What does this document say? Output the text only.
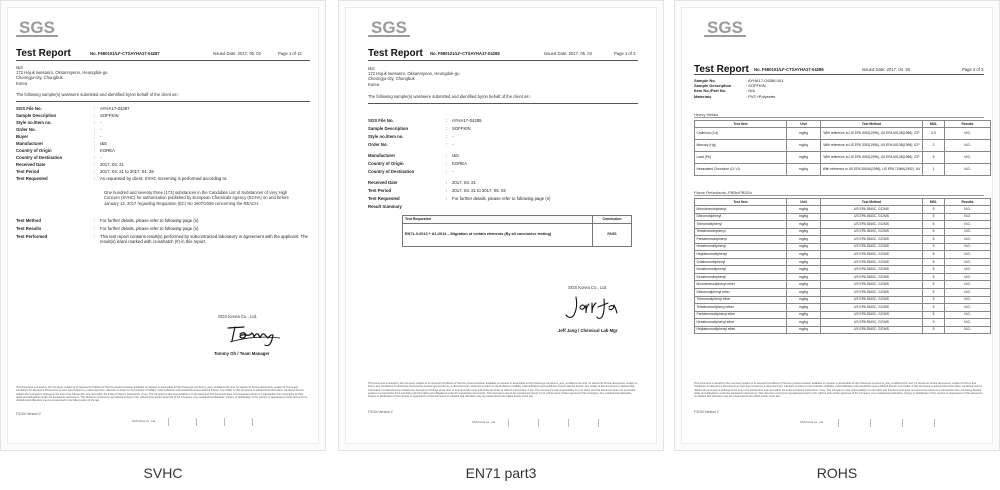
SGS
Test Report	No. F690101/LF-CTSAYHA17-04287	Issued Date: 2017. 05. 02	Page 1 of 12
I&S
172 Hojuk Iwesanro, Oksanmyeon, Heungduk-gu
Cheongju-city, Chungbuk
Korea
The following sample(s) was/were submitted and identified by/on behalf of the client as:-
SGS File No.	: AYHA17-04287
Sample Description	: SOFFKIN
Style no./Item no.	: -
Order No.	: -
Buyer	: -
Manufacturer	: I&S
Country of Origin	: KOREA
Country of Destination	: -
Received Date	: 2017. 04. 21
Test Period	: 2017. 04. 21 to 2017. 04. 28
Test Requested	: As requested by client, SVHC screening is performed according to:
One hundred and seventy three (173) substances in the Candidate List of Substances of Very High Concern (SVHC) for authorization published by European Chemicals Agency (ECHA) on and before January 12, 2017 regarding Regulation (EC) No 1907/2006 concerning the REACH.
Test Method	: For further details, please refer to following page (s)
Test Results	: For further details, please refer to following page (s)
Test Performed	: This test report contains result(s) performed by subcontracted laboratory in agreement with the applicant. The result(s) is/are marked with crosshatch (#) in this report.
SGS Korea Co., Ltd.
Tommy Oh / Team Manager
This document is issued by the Company subject to its General Conditions of Service printed overleaf, available on request or accessible at http://www.sgs.com/terms_and_conditions.htm and, for electronic format documents, subject to Terms and Conditions for Electronic Documents at www.sgs.com/terms_e-document.htm. Attention is drawn to the limitation of liability, indemnification and jurisdiction issues defined therein. Any holder of this document is advised that information contained hereon reflects the Company's findings at the time of its intervention only and within the limits of Client's instructions, if any. The Company's sole responsibility is to its Client and this document does not exonerate parties to a transaction from exercising all their rights and obligations under the transaction documents. This document cannot be reproduced except in full, without prior written approval of the Company. Any unauthorized alteration, forgery or falsification of the content or appearance of this document is unlawful and offenders may be prosecuted to the fullest extent of the law.
F3104 Version 2
SGS Korea Co., Ltd.
SVHC
SGS
Test Report No. F690101/LF-CTSAYHA17-04285	Issued Date: 2017. 05. 02	Page 1 of 3
I&S
172 Hojuk Iwesanro, Oksanmyeon, Heungduk-gu
Cheongju-city, Chungbuk
Korea
The following sample(s) was/were submitted and identified by/on behalf of the client as:-
SGS File No.	: AYHA17-04285
Sample Description	: SOFFKIN
Style no./Item no.	: -
Order No.	: -
Manufacturer	: I&S
Country of Origin	: KOREA
Country of Destination	: -
Received Date	: 2017. 04. 21
Test Period	: 2017. 04. 21 to 2017. 05. 02
Test Requested	: For further details, please refer to following page (s)
Result Summary
Test Requested	Conclusion
EN71-3:2013 + A1:2014 – Migration of certain elements (By all conclusive testing)	PASS
SGS Korea Co., Ltd
Jeff Jang / Chemical Lab Mgr
This document is issued by the Company subject to its General Conditions of Service printed overleaf, available on request or accessible at http://www.sgs.com/terms_and_conditions.htm and, for electronic format documents, subject to Terms and Conditions for Electronic Documents at www.sgs.com/terms_e-document.htm. Attention is drawn to the limitation of liability, indemnification and jurisdiction issues defined therein. Any holder of this document is advised that information contained hereon reflects the Company's findings at the time of its intervention only and within the limits of Client's instructions, if any. The Company's sole responsibility is to its Client and this document does not exonerate parties to a transaction from exercising all their rights and obligations under the transaction documents. This document cannot be reproduced except in full, without prior written approval of the Company. Any unauthorized alteration, forgery or falsification of the content or appearance of this document is unlawful and offenders may be prosecuted to the fullest extent of the law.
F3104 Version 2
SGS Korea Co., Ltd.
EN71 part3
SGS
Test Report No. F690101/LF-CTSAYHA17-04286	Issued Date: 2017. 04. 26	Page 2 of 3
Sample No.	: AYHA17-04286.001
Sample Description	: SOFFKIN
Item No./Part No.	: N/A
Materials	: PVC+Polyester
Heavy Metals
Test Item	Unit	Test Method	MDL	Results
Cadmium (Cd)	mg/kg	With reference to US EPA 3052(1996), US EPA 6010B(1996), ICP	0.5	N.D.
Mercury (Hg)	mg/kg	With reference to US EPA 3052(1996), US EPA 6010B(1996), ICP	2	N.D.
Lead (Pb)	mg/kg	With reference to US EPA 3052(1996), US EPA 6010B(1996), ICP	5	N.D.
Hexavalent Chromium (Cr VI)	mg/kg	With reference to US EPA 3060A(1996), US EPA 7196A(1992), UV	1	N.D.
Flame Retardants–PBBs/PBDEs
Test Item	Unit	Test Method	MDL	Results
Monobromobiphenyl	mg/kg	US EPA 3540C, GC/MS	5	N.D.
Dibromobiphenyl	mg/kg	US EPA 3540C, GC/MS	5	N.D.
Tribromobiphenyl	mg/kg	US EPA 3540C, GC/MS	5	N.D.
Tetrabromobiphenyl	mg/kg	US EPA 3540C, GC/MS	5	N.D.
Pentabromobiphenyl	mg/kg	US EPA 3540C, GC/MS	5	N.D.
Hexabromobiphenyl	mg/kg	US EPA 3540C, GC/MS	5	N.D.
Heptabromobiphenyl	mg/kg	US EPA 3540C, GC/MS	5	N.D.
Octabromobiphenyl	mg/kg	US EPA 3540C, GC/MS	5	N.D.
Nonabromobiphenyl	mg/kg	US EPA 3540C, GC/MS	5	N.D.
Decabromobiphenyl	mg/kg	US EPA 3540C, GC/MS	5	N.D.
Monobromodiphenyl ether	mg/kg	US EPA 3540C, GC/MS	5	N.D.
Dibromodiphenyl ether	mg/kg	US EPA 3540C, GC/MS	5	N.D.
Tribromodiphenyl ether	mg/kg	US EPA 3540C, GC/MS	5	N.D.
Tetrabromodiphenyl ether	mg/kg	US EPA 3540C, GC/MS	5	N.D.
Pentabromodiphenyl ether	mg/kg	US EPA 3540C, GC/MS	5	N.D.
Hexabromodiphenyl ether	mg/kg	US EPA 3540C, GC/MS	5	N.D.
Heptabromodiphenyl ether	mg/kg	US EPA 3540C, GC/MS	5	N.D.
This document is issued by the Company subject to its General Conditions of Service printed overleaf, available on request or accessible at http://www.sgs.com/terms_and_conditions.htm and, for electronic format documents, subject to Terms and Conditions for Electronic Documents at www.sgs.com/terms_e-document.htm. Attention is drawn to the limitation of liability, indemnification and jurisdiction issues defined therein. Any holder of this document is advised that information contained hereon reflects the Company's findings at the time of its intervention only and within the limits of Client's instructions, if any. The Company's sole responsibility is to its Client and this document does not exonerate parties to a transaction from exercising all their rights and obligations under the transaction documents. This document cannot be reproduced except in full, without prior written approval of the Company. Any unauthorized alteration, forgery or falsification of the content or appearance of this document is unlawful and offenders may be prosecuted to the fullest extent of the law.
F3104 Version 2
SGS Korea Co., Ltd.
ROHS
